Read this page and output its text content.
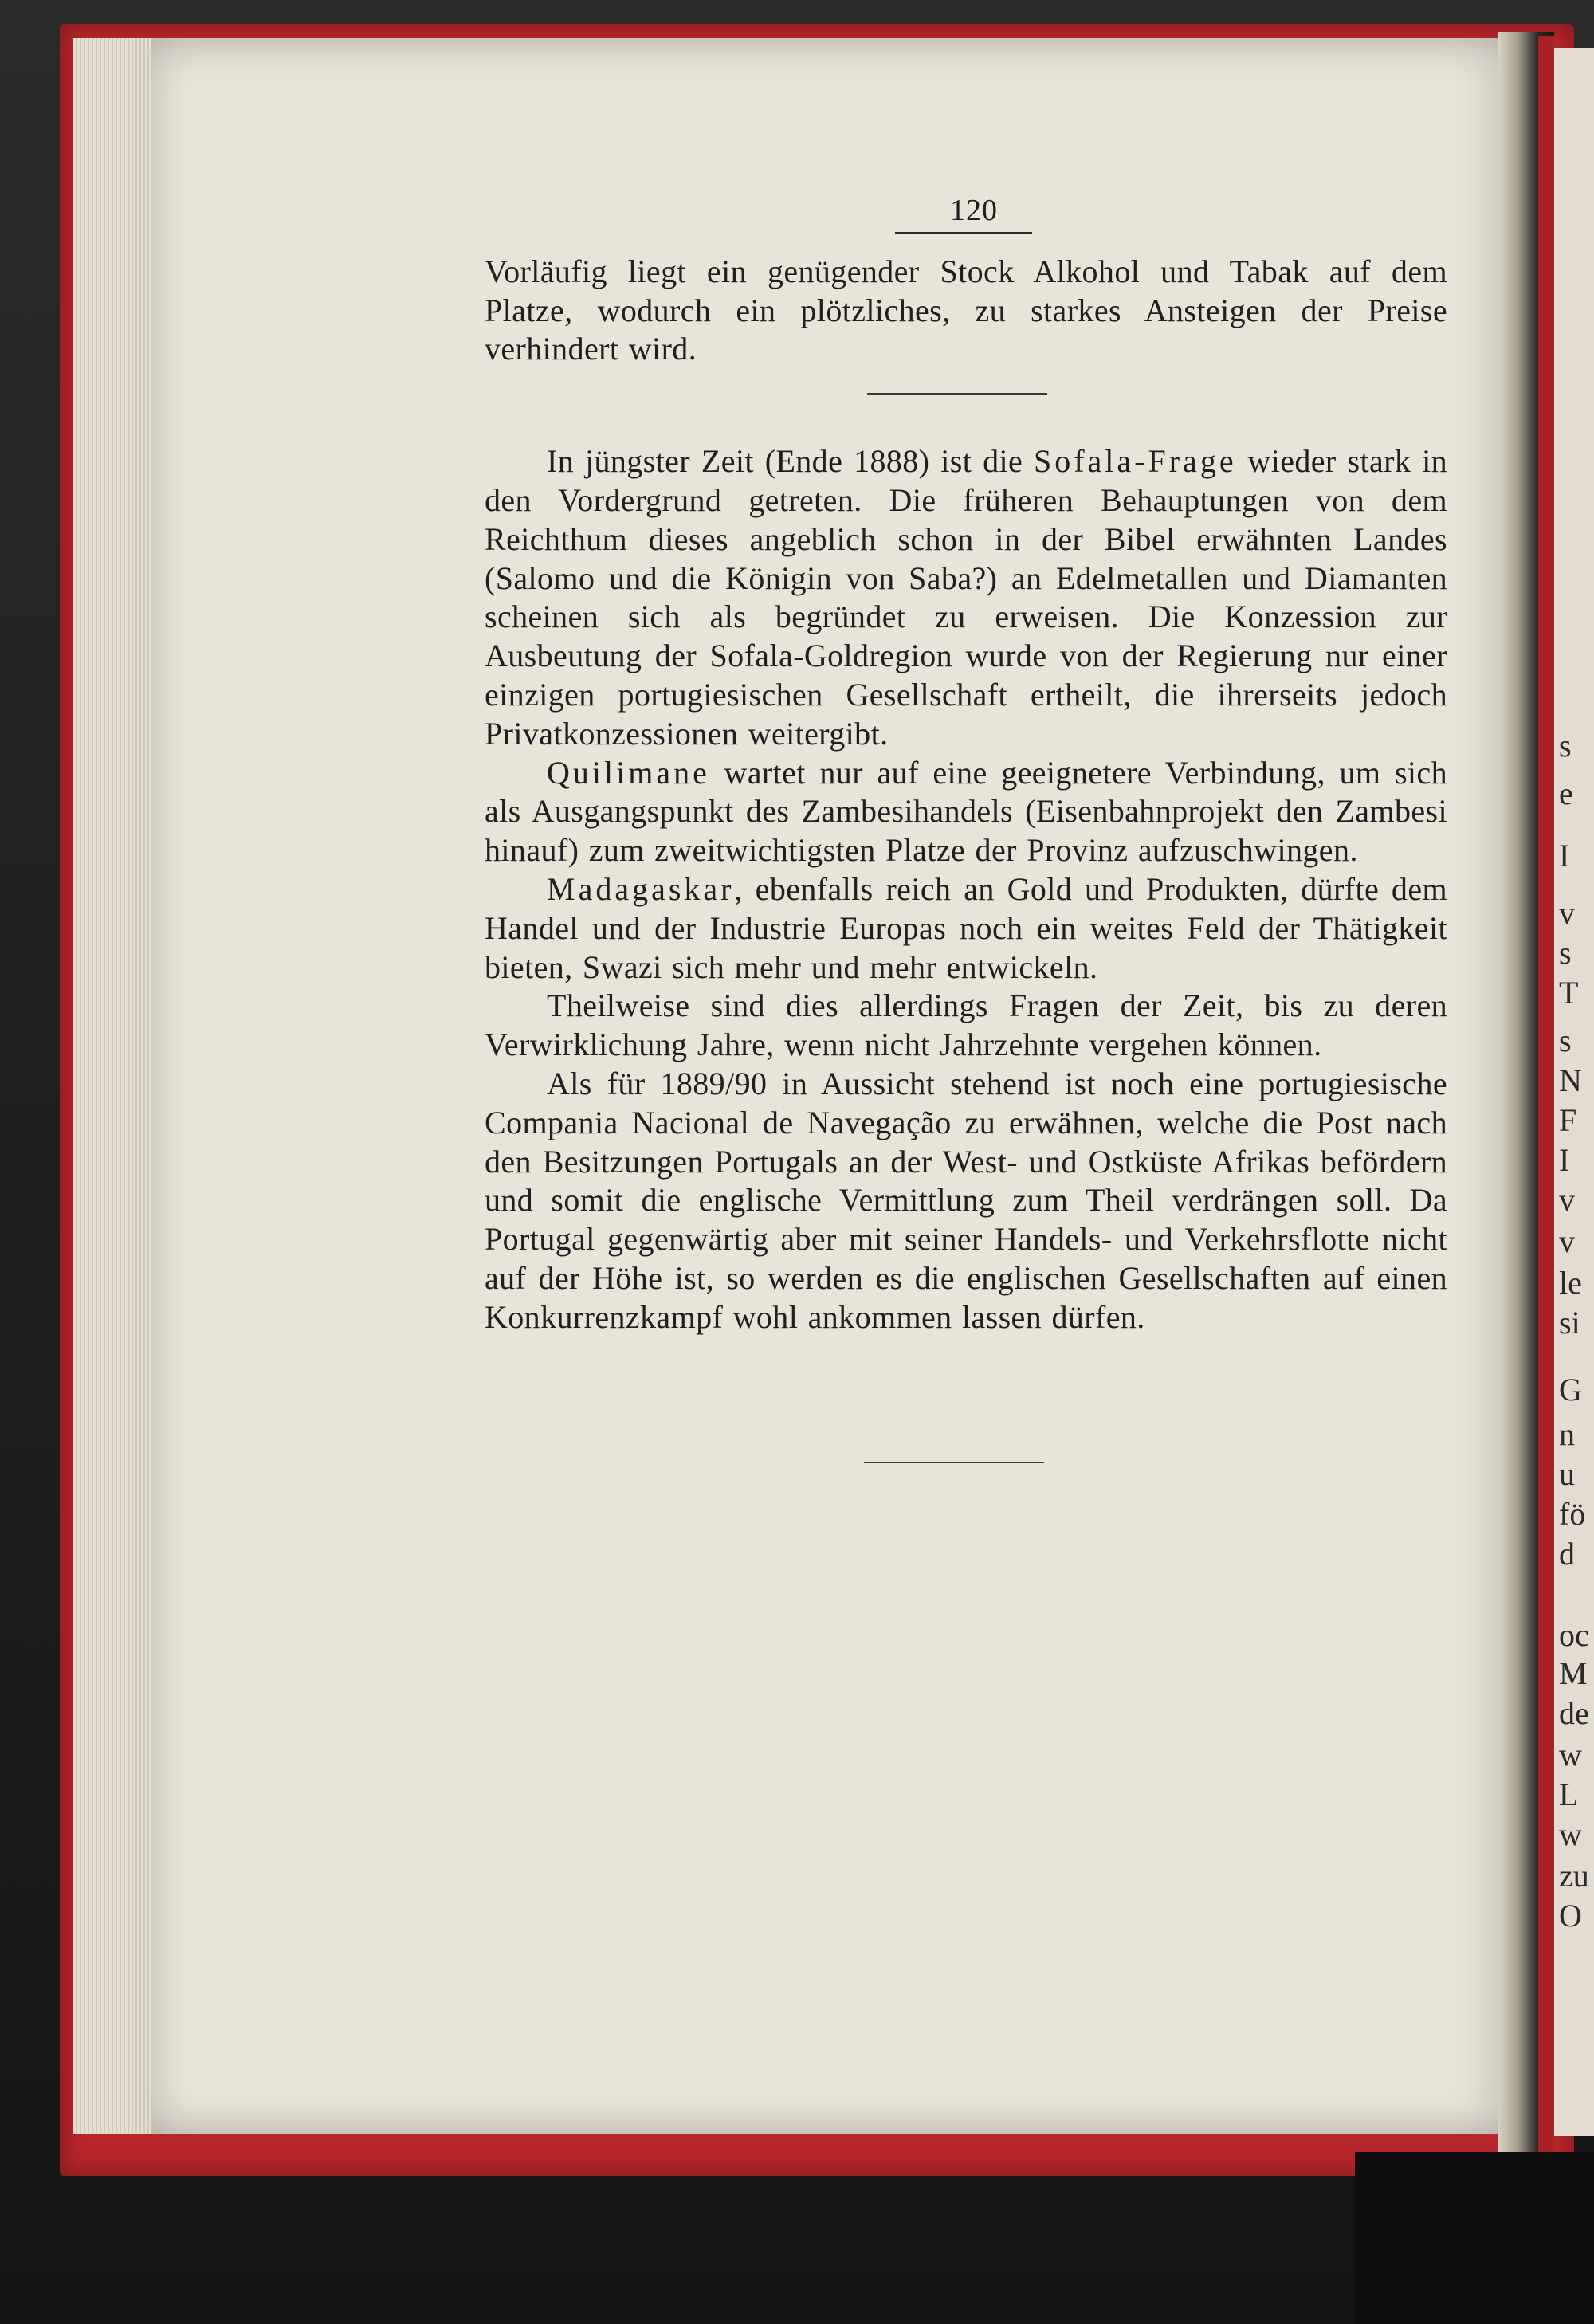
s
e
I
v
s
T
s
N
F
I
v
v
le
si
G
n
u
fö
d
oc
M
de
w
L
w
zu
O
120

Vorläufig liegt ein genügender Stock Alkohol und Tabak auf dem Platze, wodurch ein plötzliches, zu starkes Ansteigen der Preise verhindert wird.

In jüngster Zeit (Ende 1888) ist die Sofala-Frage wieder stark in den Vordergrund getreten. Die früheren Behauptungen von dem Reichthum dieses angeblich schon in der Bibel erwähnten Landes (Salomo und die Königin von Saba?) an Edelmetallen und Diamanten scheinen sich als begründet zu erweisen. Die Konzession zur Ausbeutung der Sofala-Goldregion wurde von der Regierung nur einer einzigen portugiesischen Gesellschaft ertheilt, die ihrerseits jedoch Privatkonzessionen weitergibt.

Quilimane wartet nur auf eine geeignetere Verbindung, um sich als Ausgangspunkt des Zambesihandels (Eisenbahnprojekt den Zambesi hinauf) zum zweitwichtigsten Platze der Provinz aufzuschwingen.

Madagaskar, ebenfalls reich an Gold und Produkten, dürfte dem Handel und der Industrie Europas noch ein weites Feld der Thätigkeit bieten, Swazi sich mehr und mehr entwickeln.

Theilweise sind dies allerdings Fragen der Zeit, bis zu deren Verwirklichung Jahre, wenn nicht Jahrzehnte vergehen können.

Als für 1889/90 in Aussicht stehend ist noch eine portugiesische Compania Nacional de Navegação zu erwähnen, welche die Post nach den Besitzungen Portugals an der West- und Ostküste Afrikas befördern und somit die englische Vermittlung zum Theil verdrängen soll. Da Portugal gegenwärtig aber mit seiner Handels- und Verkehrsflotte nicht auf der Höhe ist, so werden es die englischen Gesellschaften auf einen Konkurrenzkampf wohl ankommen lassen dürfen.
